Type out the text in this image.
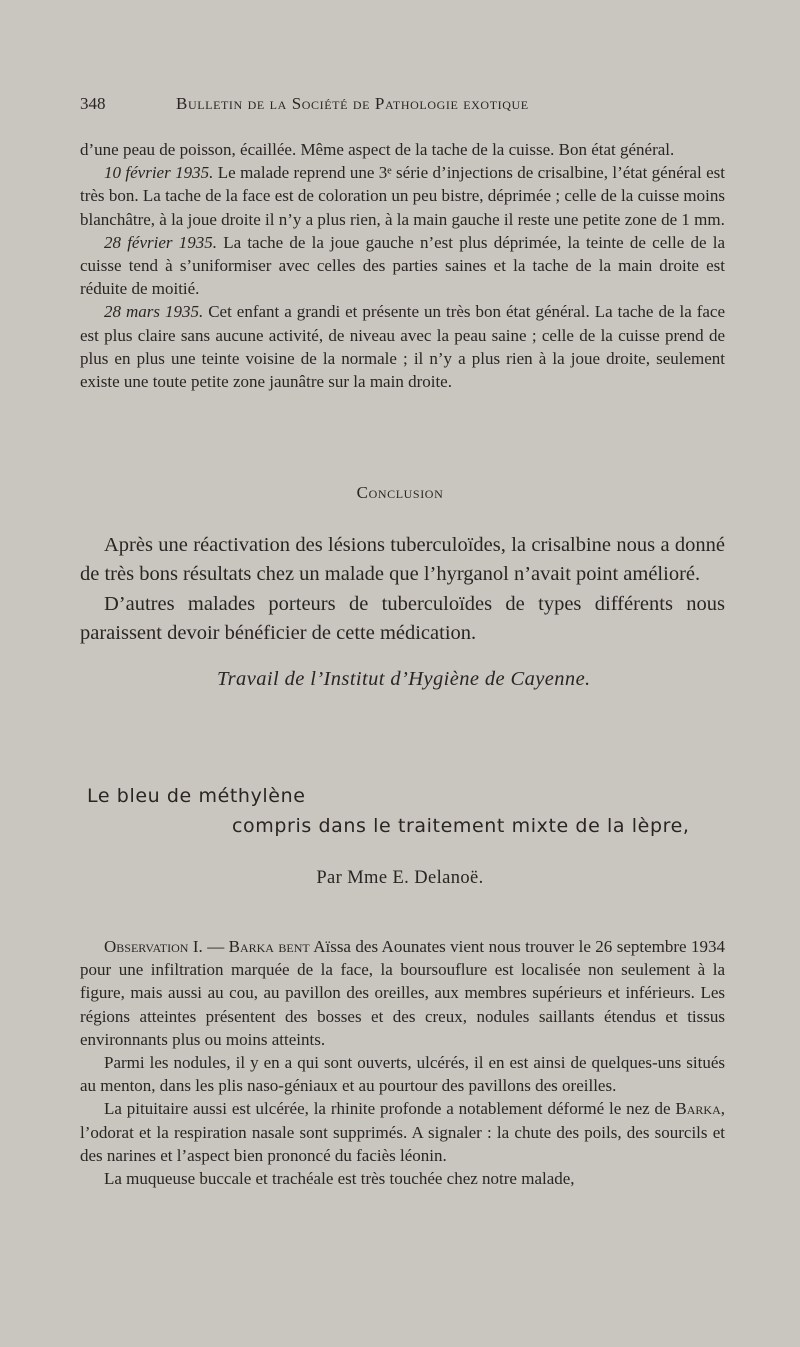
348	Bulletin de la Société de Pathologie exotique

d’une peau de poisson, écaillée. Même aspect de la tache de la cuisse. Bon état général.

10 février 1935. Le malade reprend une 3ᵉ série d’injections de crisalbine, l’état général est très bon. La tache de la face est de coloration un peu bistre, déprimée ; celle de la cuisse moins blanchâtre, à la joue droite il n’y a plus rien, à la main gauche il reste une petite zone de 1 mm.

28 février 1935. La tache de la joue gauche n’est plus déprimée, la teinte de celle de la cuisse tend à s’uniformiser avec celles des parties saines et la tache de la main droite est réduite de moitié.

28 mars 1935. Cet enfant a grandi et présente un très bon état général. La tache de la face est plus claire sans aucune activité, de niveau avec la peau saine ; celle de la cuisse prend de plus en plus une teinte voisine de la normale ; il n’y a plus rien à la joue droite, seulement existe une toute petite zone jaunâtre sur la main droite.

Conclusion

Après une réactivation des lésions tuberculoïdes, la crisalbine nous a donné de très bons résultats chez un malade que l’hyrganol n’avait point amélioré.

D’autres malades porteurs de tuberculoïdes de types différents nous paraissent devoir bénéficier de cette médication.

Travail de l’Institut d’Hygiène de Cayenne.
Le bleu de méthylène
compris dans le traitement mixte de la lèpre,
Par Mme E. Delanoë.

Observation I. — Barka bent Aïssa des Aounates vient nous trouver le 26 septembre 1934 pour une infiltration marquée de la face, la boursouflure est localisée non seulement à la figure, mais aussi au cou, au pavillon des oreilles, aux membres supérieurs et inférieurs. Les régions atteintes présentent des bosses et des creux, nodules saillants étendus et tissus environnants plus ou moins atteints.

Parmi les nodules, il y en a qui sont ouverts, ulcérés, il en est ainsi de quelques-uns situés au menton, dans les plis naso-géniaux et au pourtour des pavillons des oreilles.

La pituitaire aussi est ulcérée, la rhinite profonde a notablement déformé le nez de Barka, l’odorat et la respiration nasale sont supprimés. A signaler : la chute des poils, des sourcils et des narines et l’aspect bien prononcé du faciès léonin.

La muqueuse buccale et trachéale est très touchée chez notre malade,
